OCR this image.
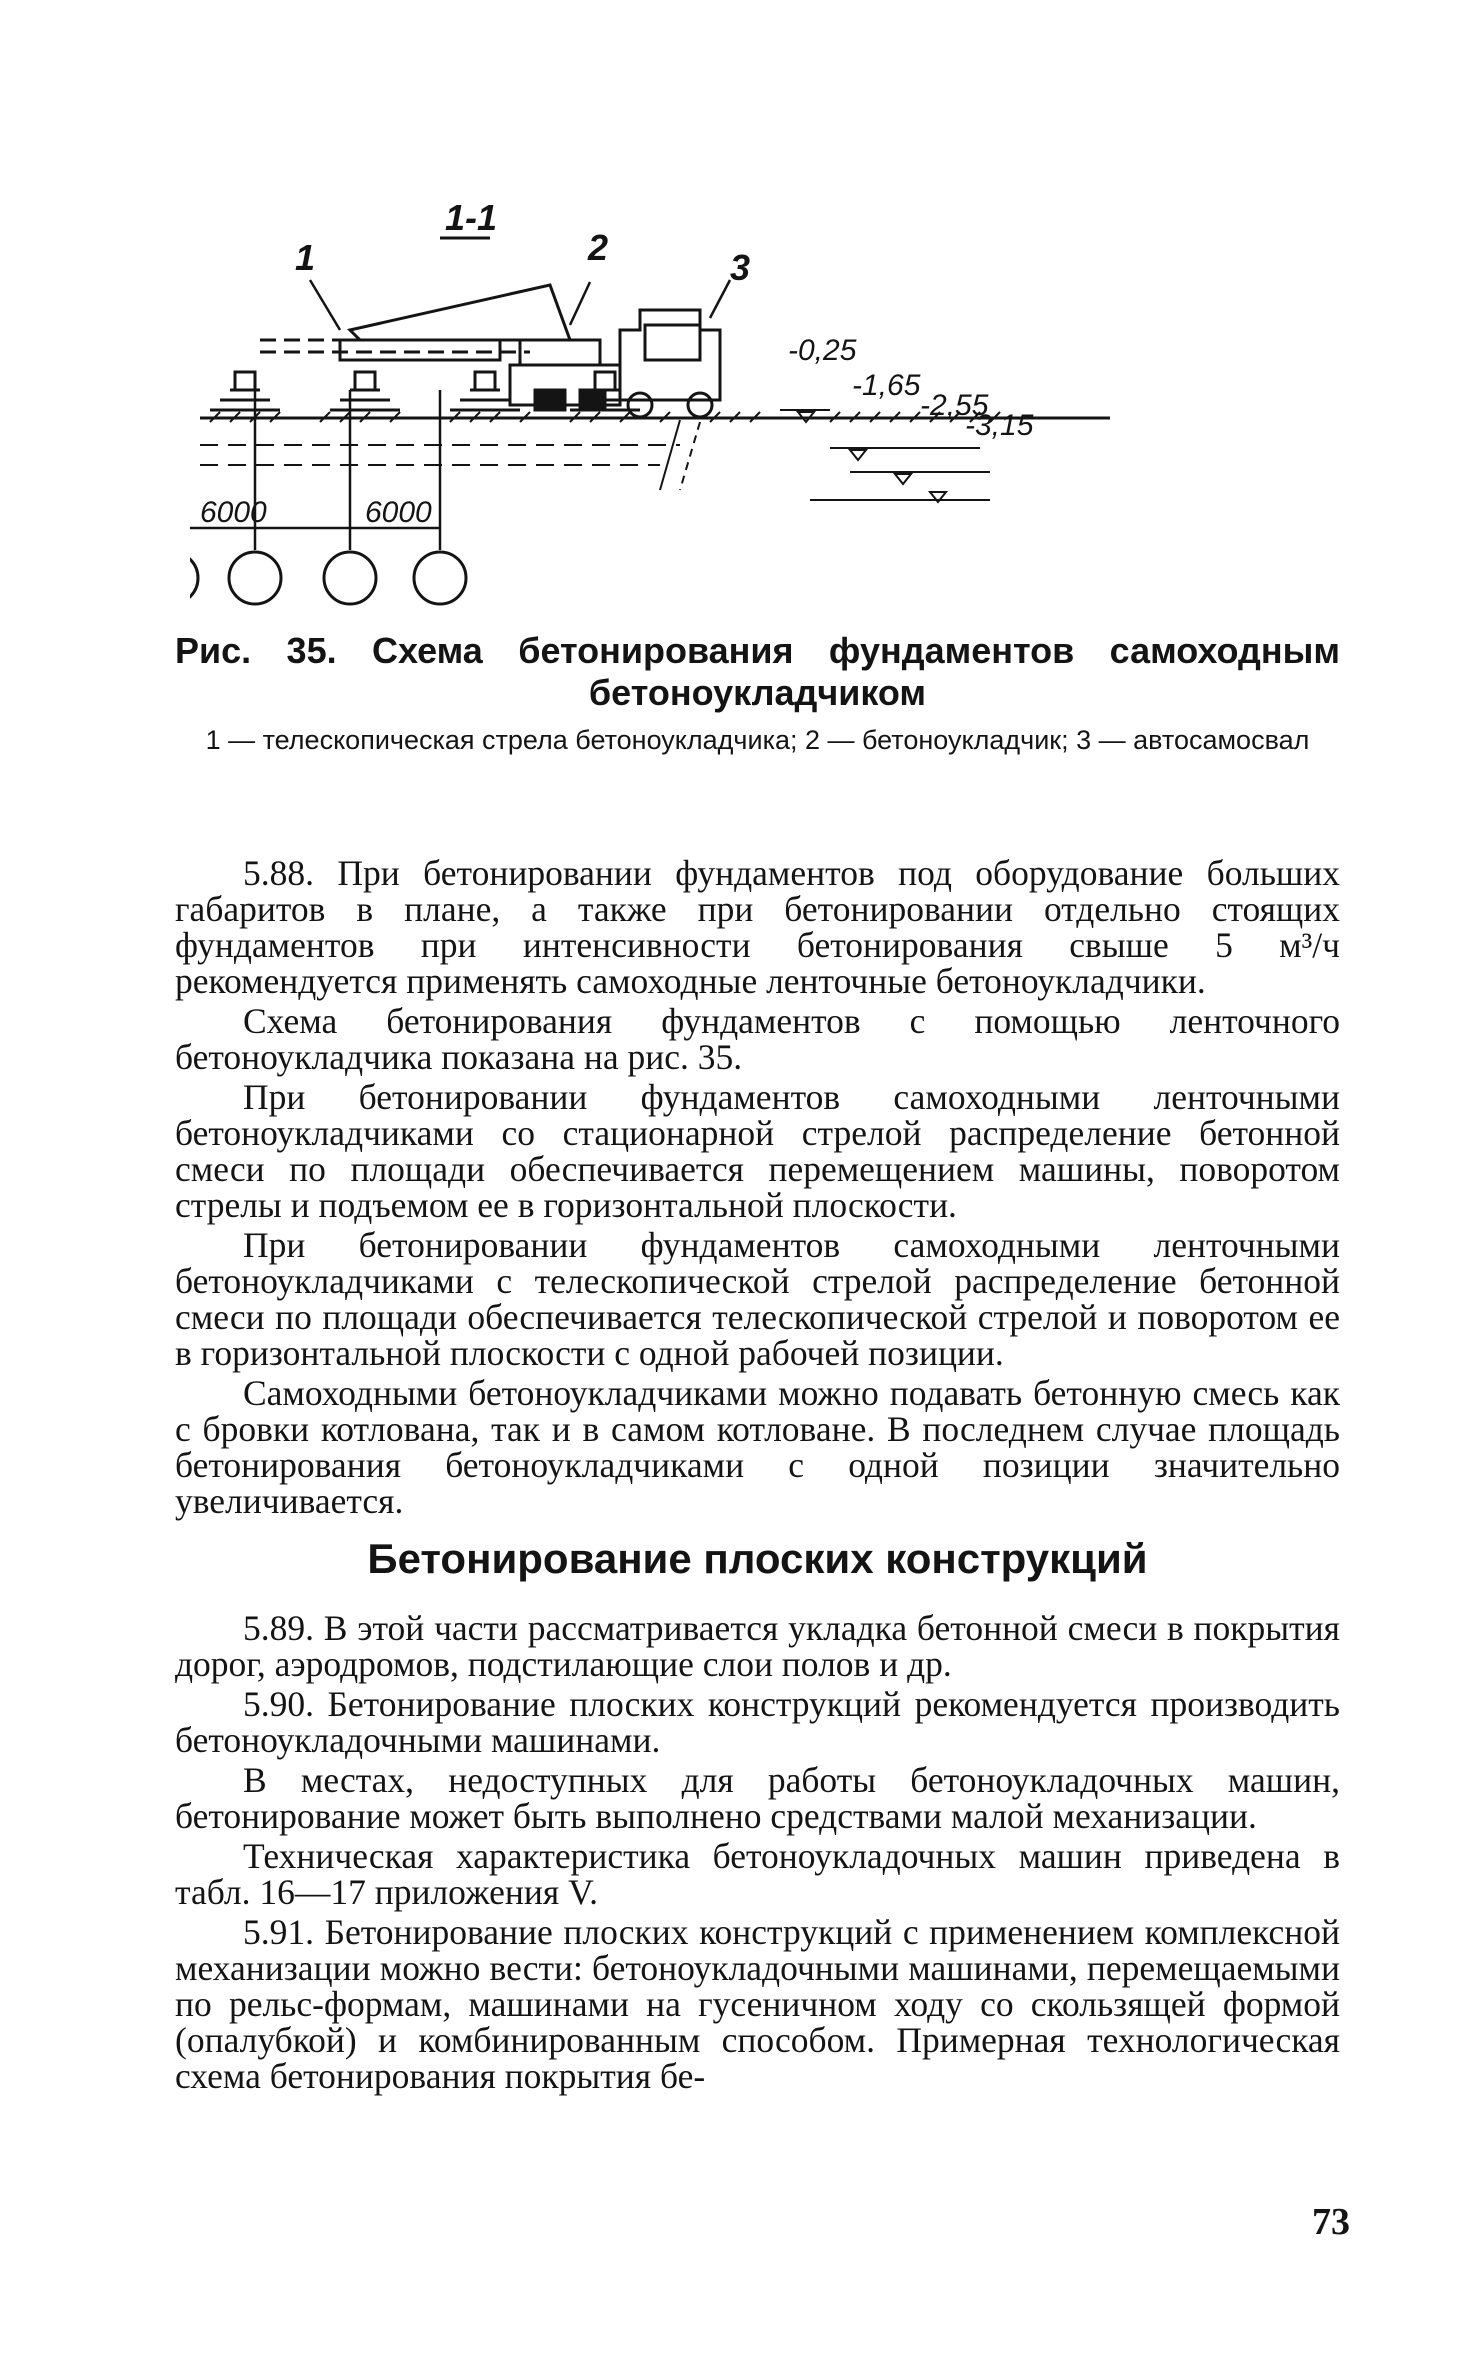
1-1
1	2	3
-0,25
-1,65
-2,55
-3,15
6000	6000
Рис. 35. Схема бетонирования фундаментов самоходным бетоноукладчиком
1 — телескопическая стрела бетоноукладчика; 2 — бетоноукладчик; 3 — автосамосвал

5.88. При бетонировании фундаментов под оборудование больших габаритов в плане, а также при бетонировании отдельно стоящих фундаментов при интенсивности бетонирования свыше 5 м³/ч рекомендуется применять самоходные ленточные бетоноукладчики.

Схема бетонирования фундаментов с помощью ленточного бетоноукладчика показана на рис. 35.

При бетонировании фундаментов самоходными ленточными бетоноукладчиками со стационарной стрелой распределение бетонной смеси по площади обеспечивается перемещением машины, поворотом стрелы и подъемом ее в горизонтальной плоскости.

При бетонировании фундаментов самоходными ленточными бетоноукладчиками с телескопической стрелой распределение бетонной смеси по площади обеспечивается телескопической стрелой и поворотом ее в горизонтальной плоскости с одной рабочей позиции.

Самоходными бетоноукладчиками можно подавать бетонную смесь как с бровки котлована, так и в самом котловане. В последнем случае площадь бетонирования бетоноукладчиками с одной позиции значительно увеличивается.

Бетонирование плоских конструкций

5.89. В этой части рассматривается укладка бетонной смеси в покрытия дорог, аэродромов, подстилающие слои полов и др.

5.90. Бетонирование плоских конструкций рекомендуется производить бетоноукладочными машинами.

В местах, недоступных для работы бетоноукладочных машин, бетонирование может быть выполнено средствами малой механизации.

Техническая характеристика бетоноукладочных машин приведена в табл. 16—17 приложения V.

5.91. Бетонирование плоских конструкций с применением комплексной механизации можно вести: бетоноукладочными машинами, перемещаемыми по рельс-формам, машинами на гусеничном ходу со скользящей формой (опалубкой) и комбинированным способом. Примерная технологическая схема бетонирования покрытия бе-

73
